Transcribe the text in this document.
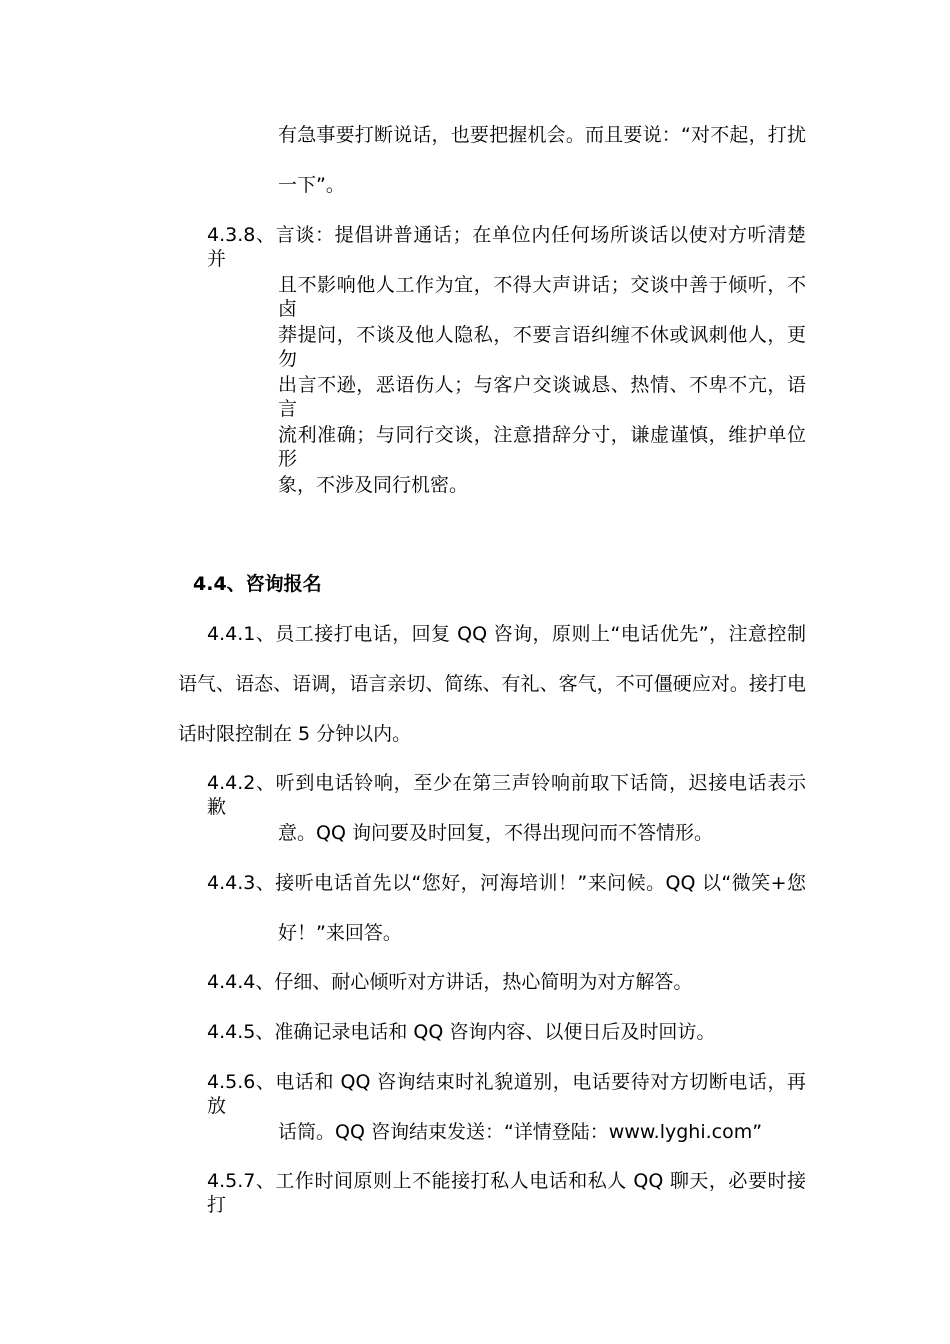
有急事要打断说话，也要把握机会。而且要说：“对不起，打扰
一下”。
4.3.8、言谈：提倡讲普通话；在单位内任何场所谈话以使对方听清楚并
且不影响他人工作为宜，不得大声讲话；交谈中善于倾听，不卤
莽提问，不谈及他人隐私，不要言语纠缠不休或讽刺他人，更勿
出言不逊，恶语伤人；与客户交谈诚恳、热情、不卑不亢，语言
流利准确；与同行交谈，注意措辞分寸，谦虚谨慎，维护单位形
象，不涉及同行机密。
4.4、咨询报名
4.4.1、员工接打电话，回复 QQ 咨询，原则上“电话优先”，注意控制
语气、语态、语调，语言亲切、简练、有礼、客气，不可僵硬应对。接打电
话时限控制在 5 分钟以内。
4.4.2、听到电话铃响，至少在第三声铃响前取下话筒，迟接电话表示歉
意。QQ 询问要及时回复，不得出现问而不答情形。
4.4.3、接听电话首先以“您好，河海培训！”来问候。QQ 以“微笑+您
好！”来回答。
4.4.4、仔细、耐心倾听对方讲话，热心简明为对方解答。
4.4.5、准确记录电话和 QQ 咨询内容、以便日后及时回访。
4.5.6、电话和 QQ 咨询结束时礼貌道别，电话要待对方切断电话，再放
话筒。QQ 咨询结束发送：“详情登陆：www.lyghi.com”
4.5.7、工作时间原则上不能接打私人电话和私人 QQ 聊天，必要时接打
